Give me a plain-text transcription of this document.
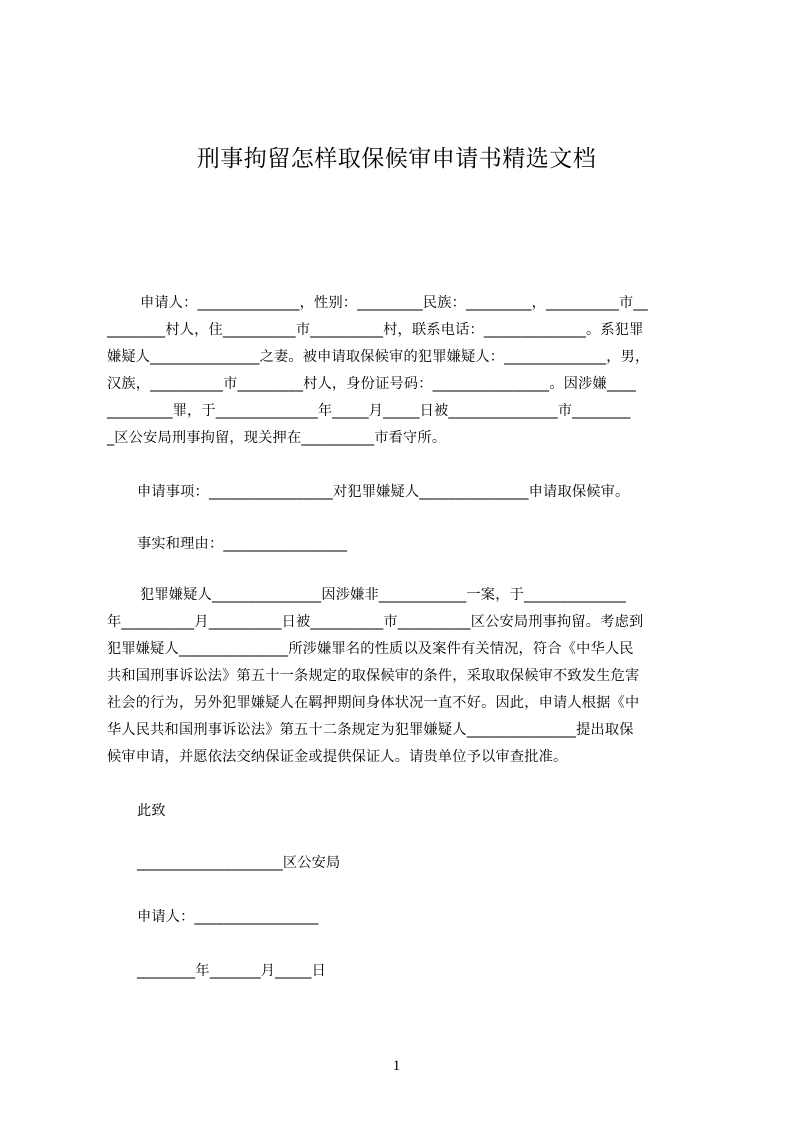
刑事拘留怎样取保候审申请书精选文档
申请人：______________，性别：_________民族：_________，__________市__
________村人，住__________市__________村，联系电话：______________。系犯罪
嫌疑人_______________之妻。被申请取保候审的犯罪嫌疑人：______________，男，
汉族，__________市_________村人，身份证号码：________________。因涉嫌____
_________罪，于______________年_____月_____日被_______________市________
_区公安局刑事拘留，现关押在__________市看守所。
申请事项：_________________对犯罪嫌疑人_______________申请取保候审。
事实和理由：_________________
犯罪嫌疑人_______________因涉嫌非____________一案，于______________
年__________月__________日被__________市__________区公安局刑事拘留。考虑到
犯罪嫌疑人_______________所涉嫌罪名的性质以及案件有关情况，符合《中华人民
共和国刑事诉讼法》第五十一条规定的取保候审的条件，采取取保候审不致发生危害
社会的行为，另外犯罪嫌疑人在羁押期间身体状况一直不好。因此，申请人根据《中
华人民共和国刑事诉讼法》第五十二条规定为犯罪嫌疑人_______________提出取保
候审申请，并愿依法交纳保证金或提供保证人。请贵单位予以审查批准。
此致
____________________区公安局
申请人：_________________
________年_______月_____日
1
